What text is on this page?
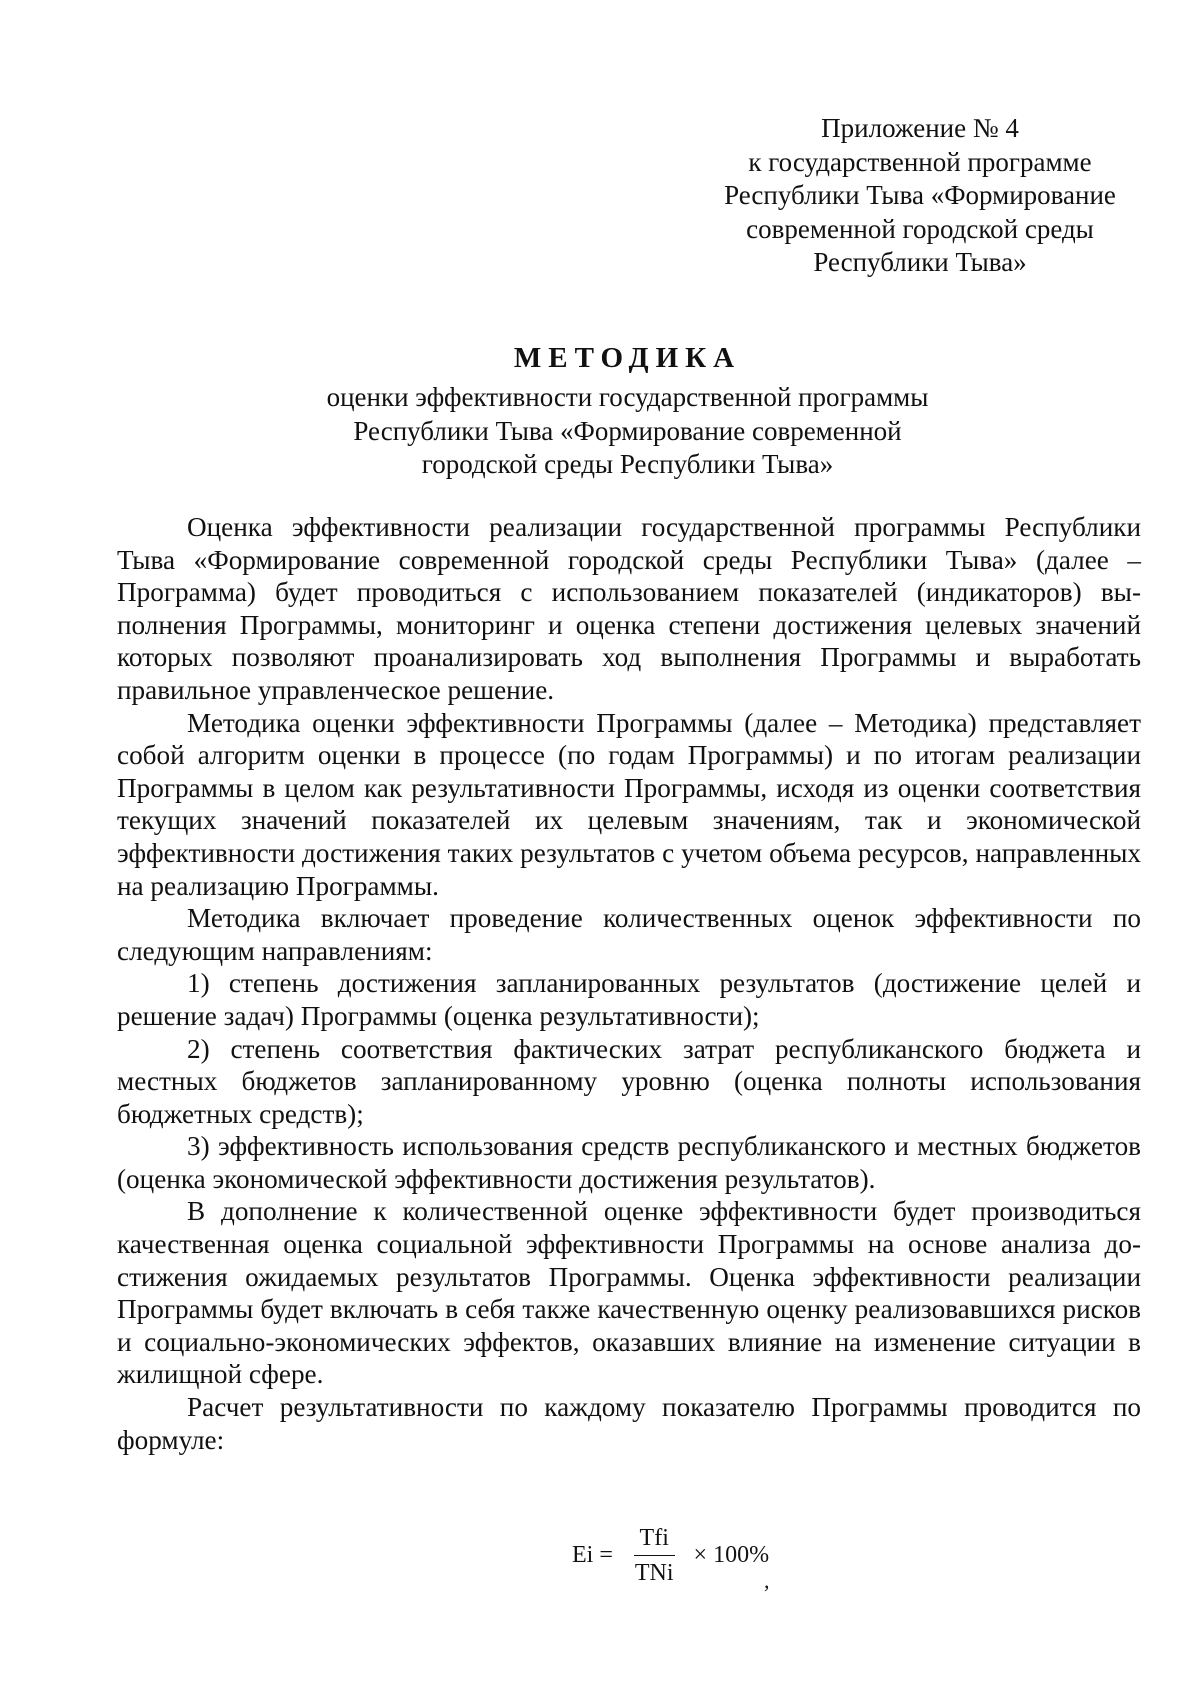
Приложение № 4
к государственной программе
Республики Тыва «Формирование
современной городской среды
Республики Тыва»
МЕТОДИКА
оценки эффективности государственной программы
Республики Тыва «Формирование современной
городской среды Республики Тыва»

Оценка эффективности реализации государственной программы Республики Тыва «Формирование современной городской среды Республики Тыва» (далее – Программа) будет проводиться с использованием показателей (индикаторов) выполнения Программы, мониторинг и оценка степени достижения целевых значений которых позволяют проанализировать ход выполнения Программы и выработать правильное управленческое решение.

Методика оценки эффективности Программы (далее – Методика) представляет собой алгоритм оценки в процессе (по годам Программы) и по итогам реализации Программы в целом как результативности Программы, исходя из оценки соответствия текущих значений показателей их целевым значениям, так и экономической эффективности достижения таких результатов с учетом объема ресурсов, направленных на реализацию Программы.

Методика включает проведение количественных оценок эффективности по следующим направлениям:

1) степень достижения запланированных результатов (достижение целей и решение задач) Программы (оценка результативности);

2) степень соответствия фактических затрат республиканского бюджета и местных бюджетов запланированному уровню (оценка полноты использования бюджетных средств);

3) эффективность использования средств республиканского и местных бюджетов (оценка экономической эффективности достижения результатов).

В дополнение к количественной оценке эффективности будет производиться качественная оценка социальной эффективности Программы на основе анализа достижения ожидаемых результатов Программы. Оценка эффективности реализации Программы будет включать в себя также качественную оценку реализовавшихся рисков и социально-экономических эффектов, оказавших влияние на изменение ситуации в жилищной сфере.

Расчет результативности по каждому показателю Программы проводится по формуле:

$Ei = \frac{\text{Tfi}}{\text{TNi}} \times 100\%$
,
